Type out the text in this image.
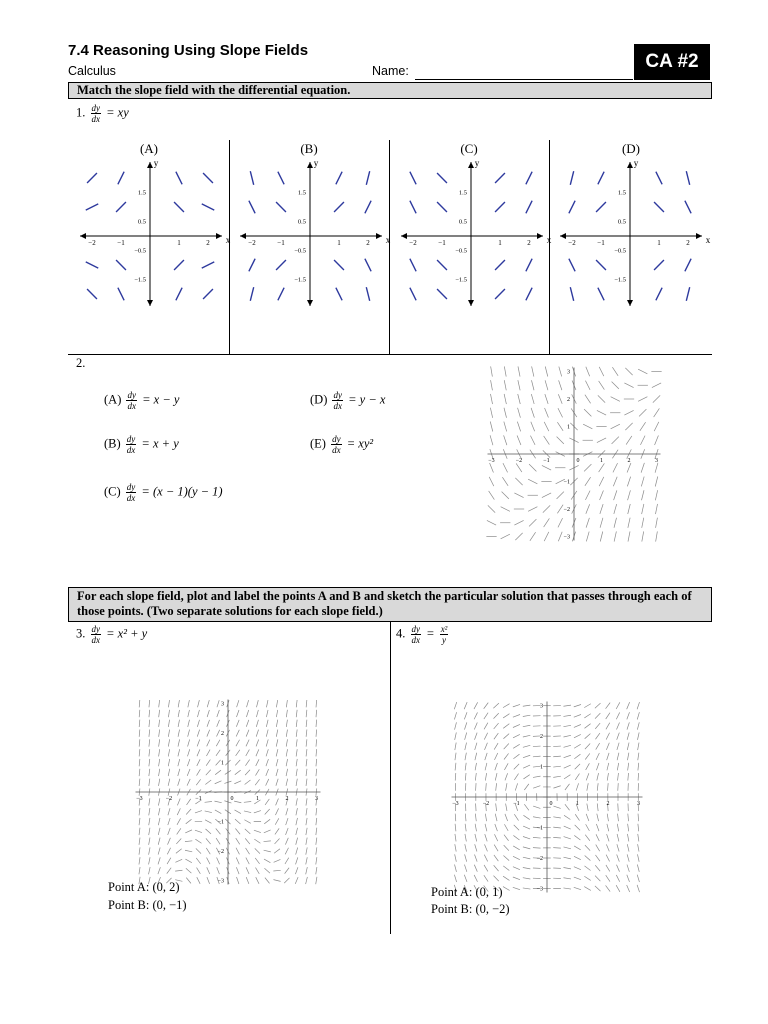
7.4 Reasoning Using Slope Fields
Calculus	Name:	CA #2
Match the slope field with the differential equation.
1. $\frac{dy}{dx}$ = xy
(A)	(B)	(C)	(D)
x
y
−2	−1	1	2
1.5
0.5
−0.5
−1.5
x
y
−2	−1	1	2
1.5
0.5
−0.5
−1.5
x
y
−2	−1	1	2
1.5
0.5
−0.5
−1.5
x
y
−2	−1	1	2
1.5
0.5
−0.5
−1.5
−3
−3
−2
−2
−1
−1
0	1
1
2
2
3
3
−3
−3
−2
−2
−1
−1
0	1
1
2
2
3
3
−3
−3
−2
−2
−1
−1
0	1
1
2
2
3
3
2.
$(A) \frac{dy}{dx} = x - y$
$(B) \frac{dy}{dx} = x + y$
$(C) \frac{dy}{dx} = (x - 1)(y - 1)$
$(D) \frac{dy}{dx} = y - x$
$(E) \frac{dy}{dx} = xy^2$
For each slope field, plot and label the points A and B and sketch the particular solution that passes through each of those points. (Two separate solutions for each slope field.)
3. $\frac{dy}{dx} = x^2 + y$	4. $\frac{dy}{dx} = \frac{\text{x²}}{y}$
Point A: (0, 2)
Point B: (0, −1)
Point A: (0, 1)
Point B: (0, −2)
